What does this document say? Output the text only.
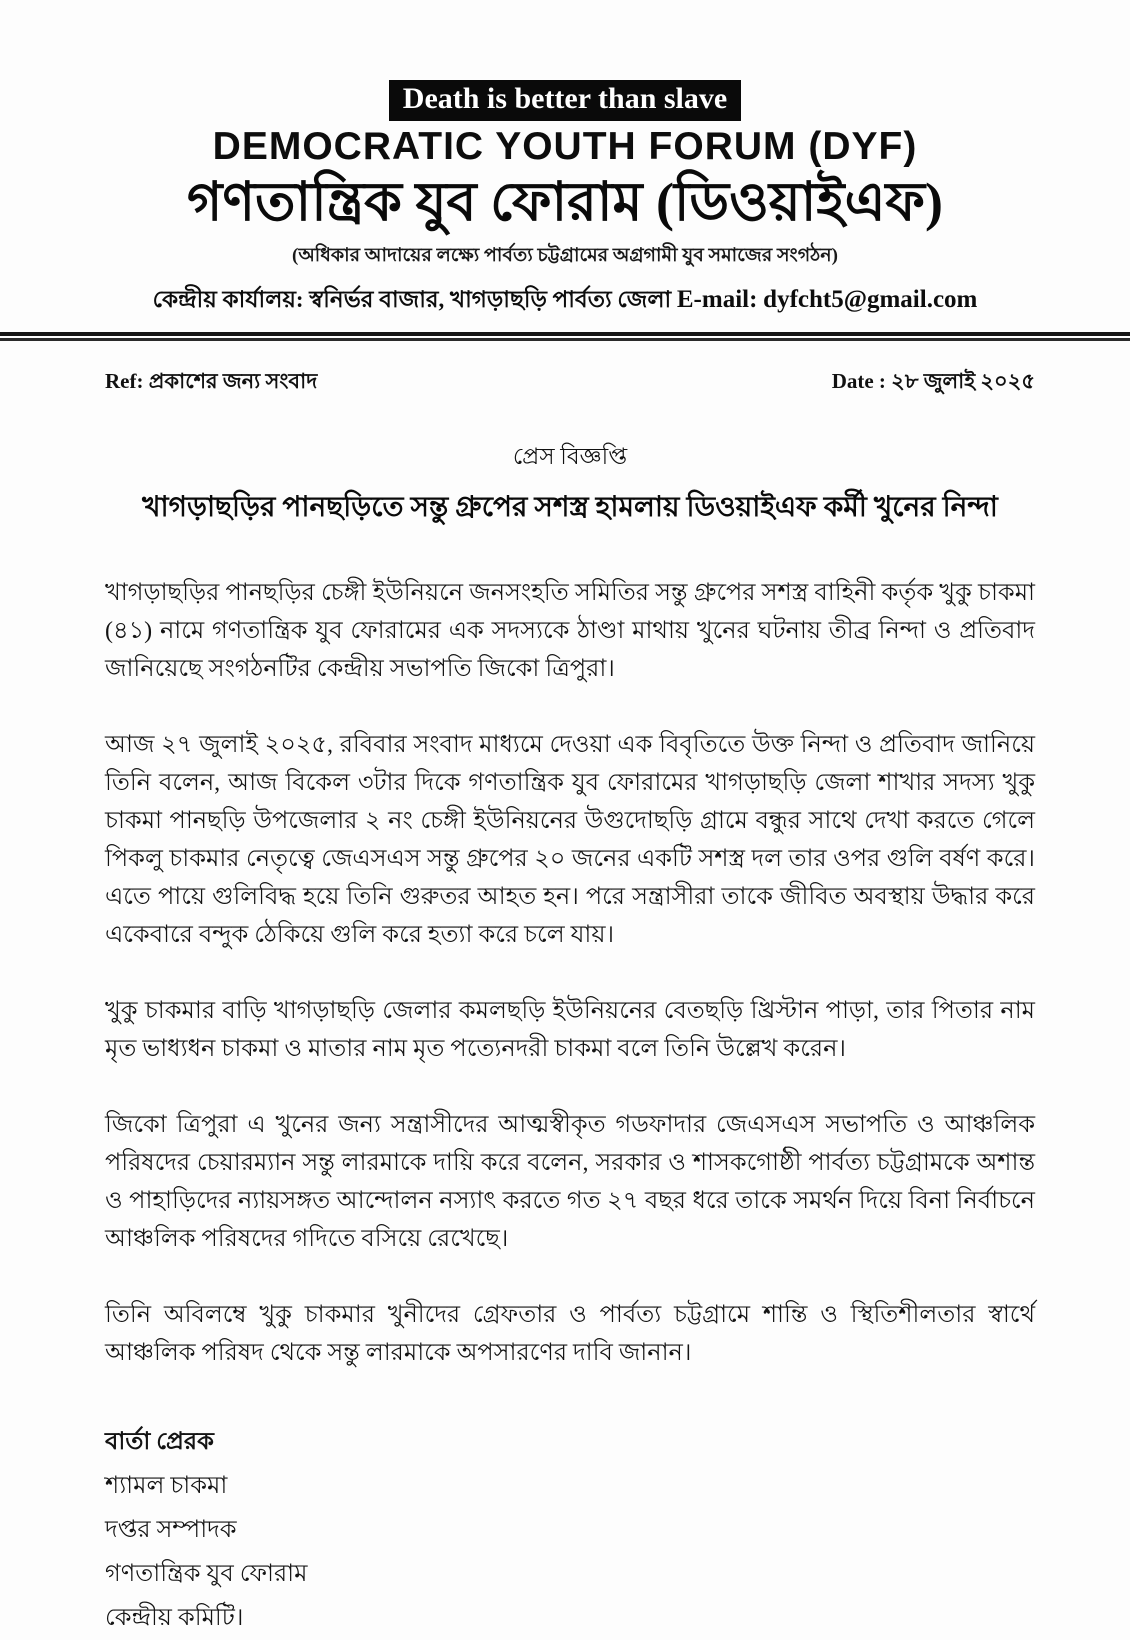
Death is better than slave
DEMOCRATIC YOUTH FORUM (DYF)
গণতান্ত্রিক যুব ফোরাম (ডিওয়াইএফ)

(অধিকার আদায়ের লক্ষ্যে পার্বত্য চট্টগ্রামের অগ্রগামী যুব সমাজের সংগঠন)

কেন্দ্রীয় কার্যালয়: স্বনির্ভর বাজার, খাগড়াছড়ি পার্বত্য জেলা E-mail: dyfcht5@gmail.com

Ref: প্রকাশের জন্য সংবাদ	Date : ২৮ জুলাই ২০২৫

প্রেস বিজ্ঞপ্তি

খাগড়াছড়ির পানছড়িতে সন্তু গ্রুপের সশস্ত্র হামলায় ডিওয়াইএফ কর্মী খুনের নিন্দা

খাগড়াছড়ির পানছড়ির চেঙ্গী ইউনিয়নে জনসংহতি সমিতির সন্তু গ্রুপের সশস্ত্র বাহিনী কর্তৃক খুকু চাকমা (৪১) নামে গণতান্ত্রিক যুব ফোরামের এক সদস্যকে ঠাণ্ডা মাথায় খুনের ঘটনায় তীব্র নিন্দা ও প্রতিবাদ জানিয়েছে সংগঠনটির কেন্দ্রীয় সভাপতি জিকো ত্রিপুরা।

আজ ২৭ জুলাই ২০২৫, রবিবার সংবাদ মাধ্যমে দেওয়া এক বিবৃতিতে উক্ত নিন্দা ও প্রতিবাদ জানিয়ে তিনি বলেন, আজ বিকেল ৩টার দিকে গণতান্ত্রিক যুব ফোরামের খাগড়াছড়ি জেলা শাখার সদস্য খুকু চাকমা পানছড়ি উপজেলার ২ নং চেঙ্গী ইউনিয়নের উগুদোছড়ি গ্রামে বন্ধুর সাথে দেখা করতে গেলে পিকলু চাকমার নেতৃত্বে জেএসএস সন্তু গ্রুপের ২০ জনের একটি সশস্ত্র দল তার ওপর গুলি বর্ষণ করে। এতে পায়ে গুলিবিদ্ধ হয়ে তিনি গুরুতর আহত হন। পরে সন্ত্রাসীরা তাকে জীবিত অবস্থায় উদ্ধার করে একেবারে বন্দুক ঠেকিয়ে গুলি করে হত্যা করে চলে যায়।

খুকু চাকমার বাড়ি খাগড়াছড়ি জেলার কমলছড়ি ইউনিয়নের বেতছড়ি খ্রিস্টান পাড়া, তার পিতার নাম মৃত ভাধ্যধন চাকমা ও মাতার নাম মৃত পত্যেনদরী চাকমা বলে তিনি উল্লেখ করেন।

জিকো ত্রিপুরা এ খুনের জন্য সন্ত্রাসীদের আত্মস্বীকৃত গডফাদার জেএসএস সভাপতি ও আঞ্চলিক পরিষদের চেয়ারম্যান সন্তু লারমাকে দায়ি করে বলেন, সরকার ও শাসকগোষ্ঠী পার্বত্য চট্টগ্রামকে অশান্ত ও পাহাড়িদের ন্যায়সঙ্গত আন্দোলন নস্যাৎ করতে গত ২৭ বছর ধরে তাকে সমর্থন দিয়ে বিনা নির্বাচনে আঞ্চলিক পরিষদের গদিতে বসিয়ে রেখেছে।

তিনি অবিলম্বে খুকু চাকমার খুনীদের গ্রেফতার ও পার্বত্য চট্টগ্রামে শান্তি ও স্থিতিশীলতার স্বার্থে আঞ্চলিক পরিষদ থেকে সন্তু লারমাকে অপসারণের দাবি জানান।

বার্তা প্রেরক

শ্যামল চাকমা

দপ্তর সম্পাদক

গণতান্ত্রিক যুব ফোরাম

কেন্দ্রীয় কমিটি।
